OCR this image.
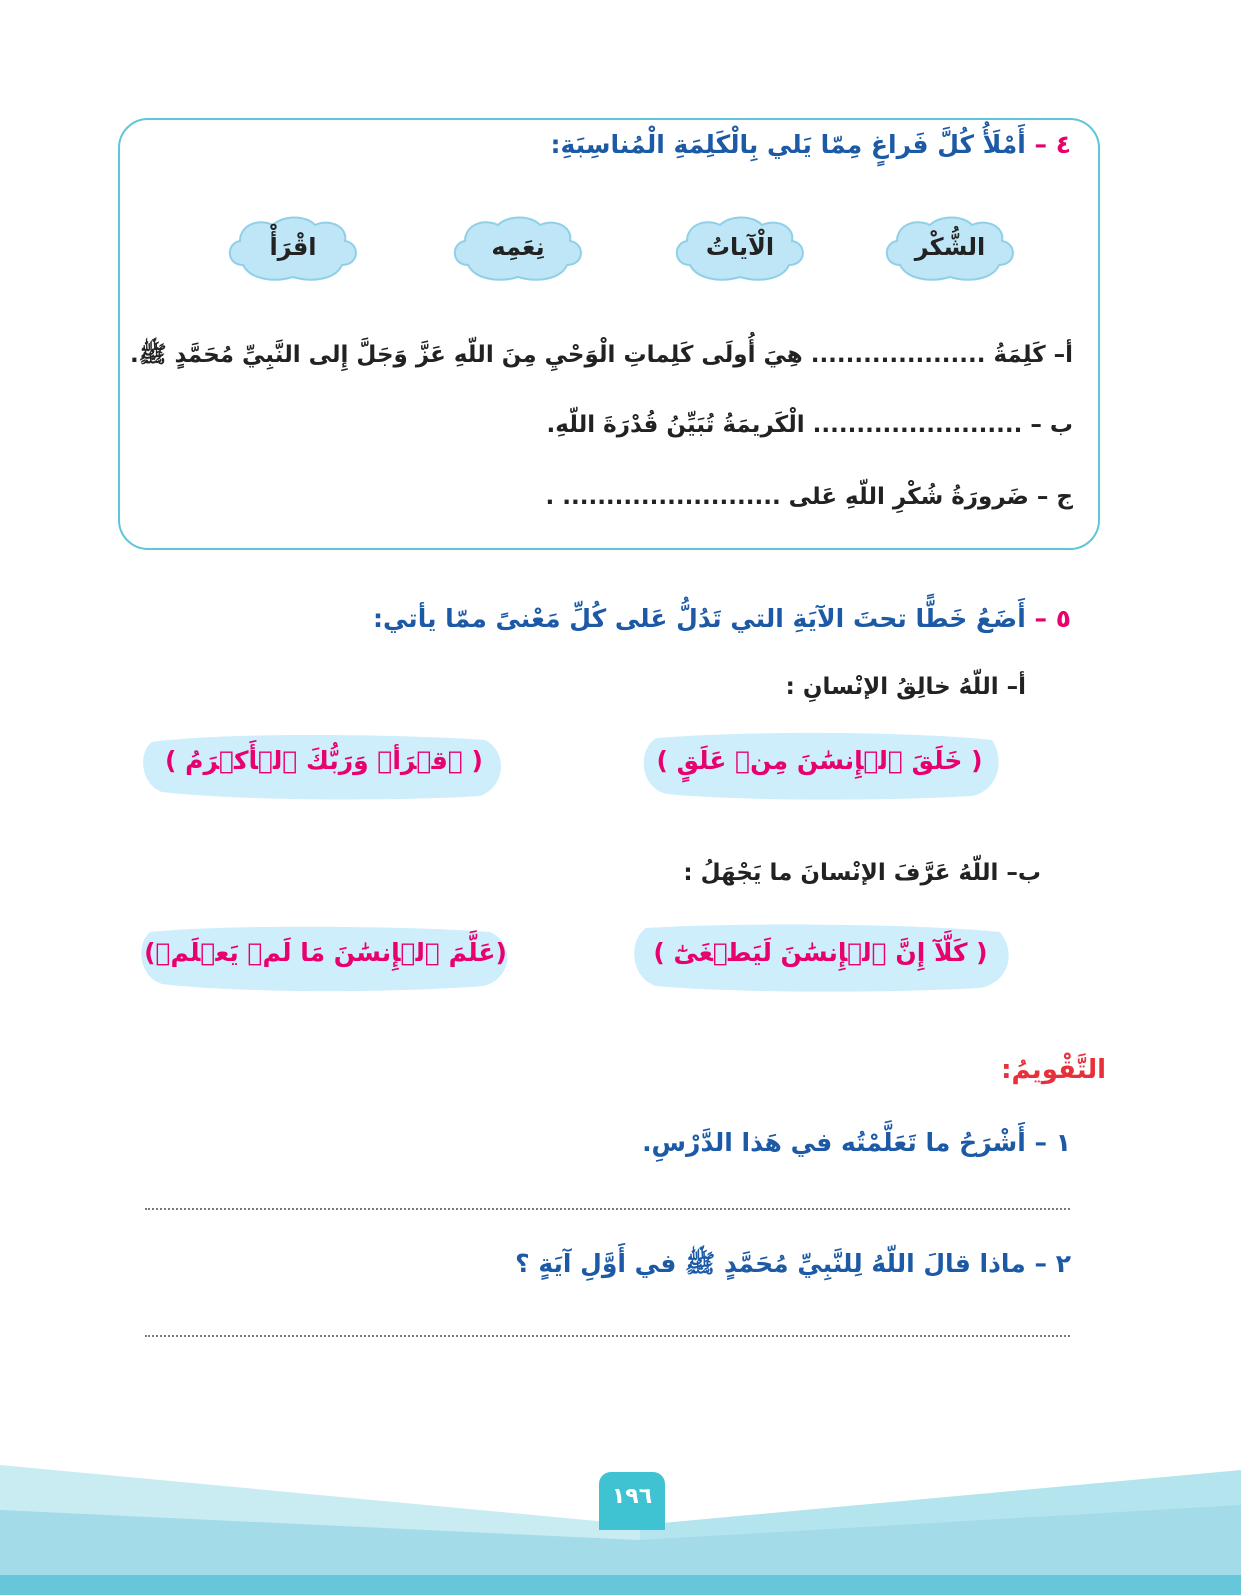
٤ – أَمْلَأُ كُلَّ فَراغٍ مِمّا يَلي بِالْكَلِمَةِ الْمُناسِبَةِ:
الشُّكْر
الْآياتُ
نِعَمِه
اقْرَأْ
أ– كَلِمَةُ .................... هِيَ أُولَى كَلِماتِ الْوَحْيِ مِنَ اللّهِ عَزَّ وَجَلَّ إِلى النَّبِيِّ مُحَمَّدٍ ﷺ.
ب – ........................ الْكَريمَةُ تُبَيِّنُ قُدْرَةَ اللّهِ.
ج – ضَرورَةُ شُكْرِ اللّهِ عَلى ......................... .
٥ – أَضَعُ خَطًّا تحتَ الآيَةِ التي تَدُلُّ عَلى كُلِّ مَعْنىً ممّا يأتي:
أ– اللّهُ خالِقُ الإنْسانِ :
( خَلَقَ ٱلۡإِنسَٰنَ مِنۡ عَلَقٍ )
( ٱقۡرَأۡ وَرَبُّكَ ٱلۡأَكۡرَمُ )
ب– اللّهُ عَرَّفَ الإنْسانَ ما يَجْهَلُ :
( كَلَّآ إِنَّ ٱلۡإِنسَٰنَ لَيَطۡغَىٰٓ )
(عَلَّمَ ٱلۡإِنسَٰنَ مَا لَمۡ يَعۡلَمۡ)
التَّقْويمُ:
١ – أَشْرَحُ ما تَعَلَّمْتُه في هَذا الدَّرْسِ.
٢ – ماذا قالَ اللّهُ لِلنَّبِيِّ مُحَمَّدٍ ﷺ في أَوَّلِ آيَةٍ ؟
١٩٦
